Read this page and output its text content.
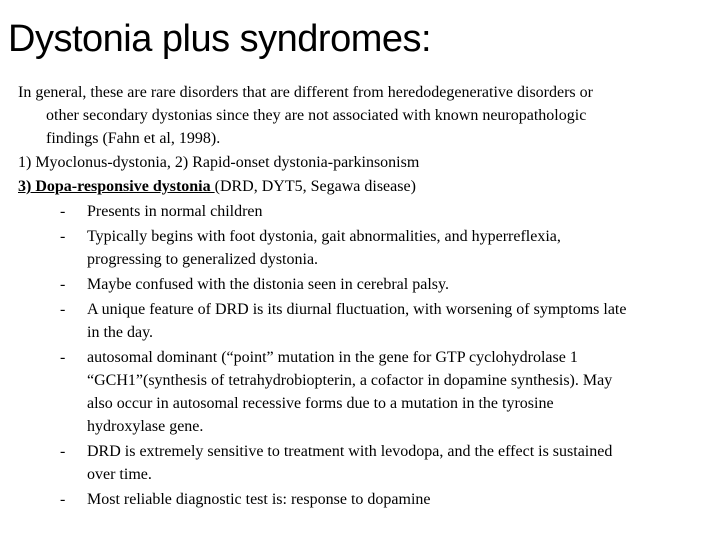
Dystonia plus syndromes:
In general, these are rare disorders that are different from heredodegenerative disorders or
other secondary dystonias since they are not associated with known neuropathologic
findings (Fahn et al, 1998).
1) Myoclonus-dystonia, 2) Rapid-onset dystonia-parkinsonism
3) Dopa-responsive dystonia (DRD, DYT5, Segawa disease)
-	Presents in normal children
-	Typically begins with foot dystonia, gait abnormalities, and hyperreflexia,
progressing to generalized dystonia.
-	Maybe confused with the distonia seen in cerebral palsy.
-	A unique feature of DRD is its diurnal fluctuation, with worsening of symptoms late
in the day.
-	autosomal dominant (“point” mutation in the gene for GTP cyclohydrolase 1
“GCH1”(synthesis of tetrahydrobiopterin, a cofactor in dopamine synthesis). May
also occur in autosomal recessive forms due to a mutation in the tyrosine
hydroxylase gene.
-	DRD is extremely sensitive to treatment with levodopa, and the effect is sustained
over time.
-	Most reliable diagnostic test is: response to dopamine
